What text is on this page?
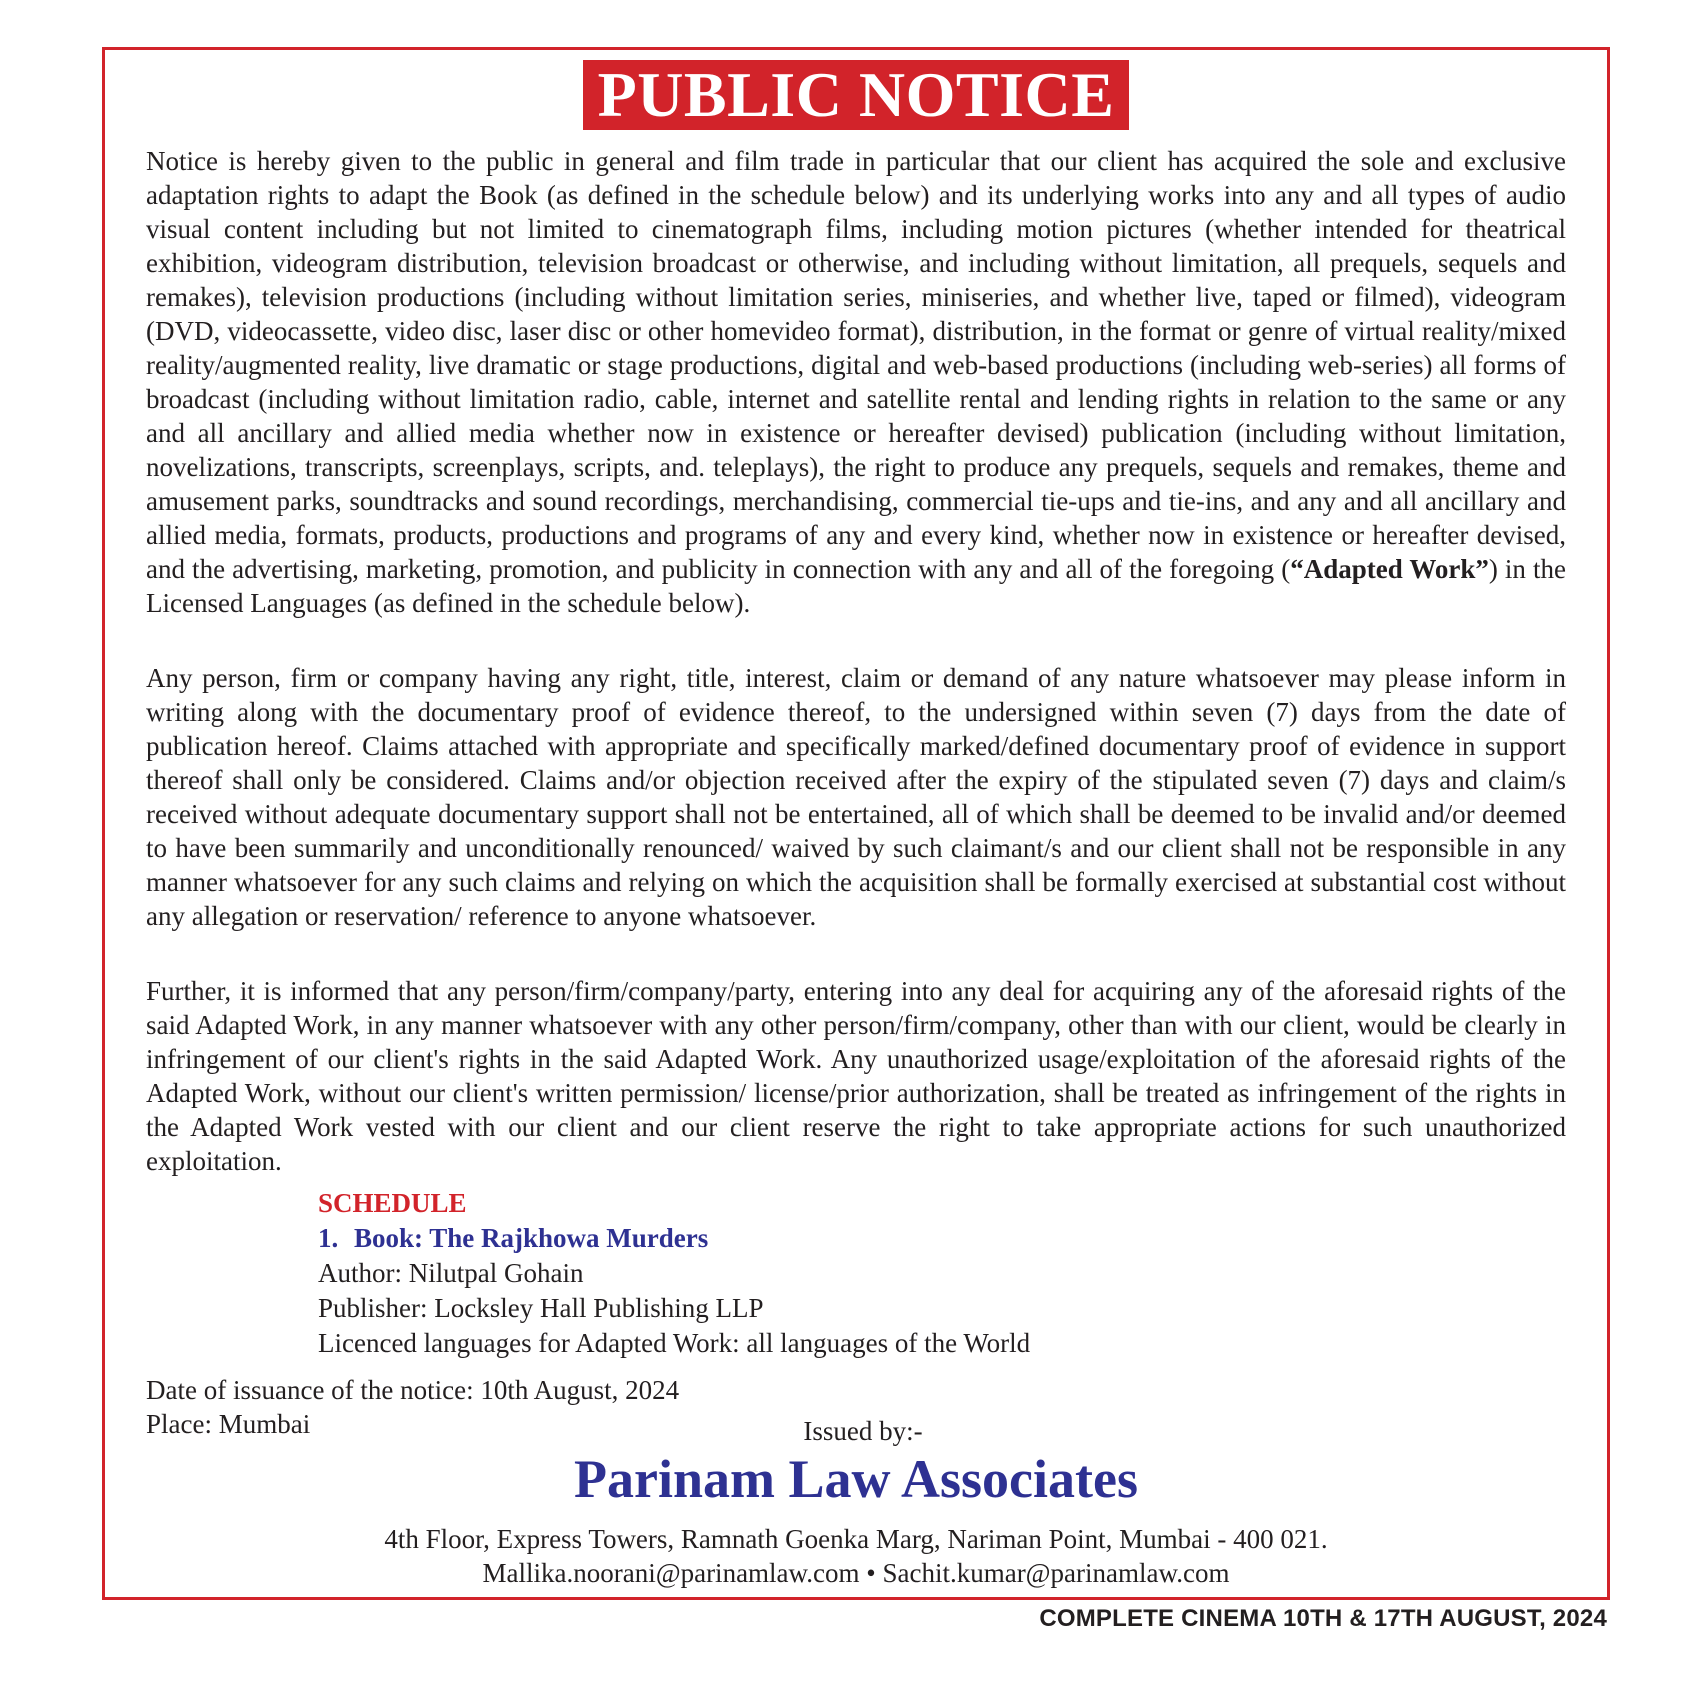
PUBLIC NOTICE

Notice is hereby given to the public in general and film trade in particular that our client has acquired the sole and exclusive adaptation rights to adapt the Book (as defined in the schedule below) and its underlying works into any and all types of audio visual content including but not limited to cinematograph films, including motion pictures (whether intended for theatrical exhibition, videogram distribution, television broadcast or otherwise, and including without limitation, all prequels, sequels and remakes), television productions (including without limitation series, miniseries, and whether live, taped or filmed), videogram (DVD, videocassette, video disc, laser disc or other homevideo format), distribution, in the format or genre of virtual reality/mixed reality/augmented reality, live dramatic or stage productions, digital and web-based productions (including web-series) all forms of broadcast (including without limitation radio, cable, internet and satellite rental and lending rights in relation to the same or any and all ancillary and allied media whether now in existence or hereafter devised) publication (including without limitation, novelizations, transcripts, screenplays, scripts, and. teleplays), the right to produce any prequels, sequels and remakes, theme and amusement parks, soundtracks and sound recordings, merchandising, commercial tie-ups and tie-ins, and any and all ancillary and allied media, formats, products, productions and programs of any and every kind, whether now in existence or hereafter devised, and the advertising, marketing, promotion, and publicity in connection with any and all of the foregoing (“Adapted Work”) in the Licensed Languages (as defined in the schedule below).

Any person, firm or company having any right, title, interest, claim or demand of any nature whatsoever may please inform in writing along with the documentary proof of evidence thereof, to the undersigned within seven (7) days from the date of publication hereof. Claims attached with appropriate and specifically marked/defined documentary proof of evidence in support thereof shall only be considered. Claims and/or objection received after the expiry of the stipulated seven (7) days and claim/s received without adequate documentary support shall not be entertained, all of which shall be deemed to be invalid and/or deemed to have been summarily and unconditionally renounced/ waived by such claimant/s and our client shall not be responsible in any manner whatsoever for any such claims and relying on which the acquisition shall be formally exercised at substantial cost without any allegation or reservation/ reference to anyone whatsoever.

Further, it is informed that any person/firm/company/party, entering into any deal for acquiring any of the aforesaid rights of the said Adapted Work, in any manner whatsoever with any other person/firm/company, other than with our client, would be clearly in infringement of our client's rights in the said Adapted Work. Any unauthorized usage/exploitation of the aforesaid rights of the Adapted Work, without our client's written permission/ license/prior authorization, shall be treated as infringement of the rights in the Adapted Work vested with our client and our client reserve the right to take appropriate actions for such unauthorized exploitation.

SCHEDULE
1. Book: The Rajkhowa Murders
Author: Nilutpal Gohain
Publisher: Locksley Hall Publishing LLP
Licenced languages for Adapted Work: all languages of the World
Date of issuance of the notice: 10th August, 2024
Place: Mumbai	Issued by:-
Parinam Law Associates
4th Floor, Express Towers, Ramnath Goenka Marg, Nariman Point, Mumbai - 400 021.
Mallika.noorani@parinamlaw.com • Sachit.kumar@parinamlaw.com
COMPLETE CINEMA 10TH & 17TH AUGUST, 2024
